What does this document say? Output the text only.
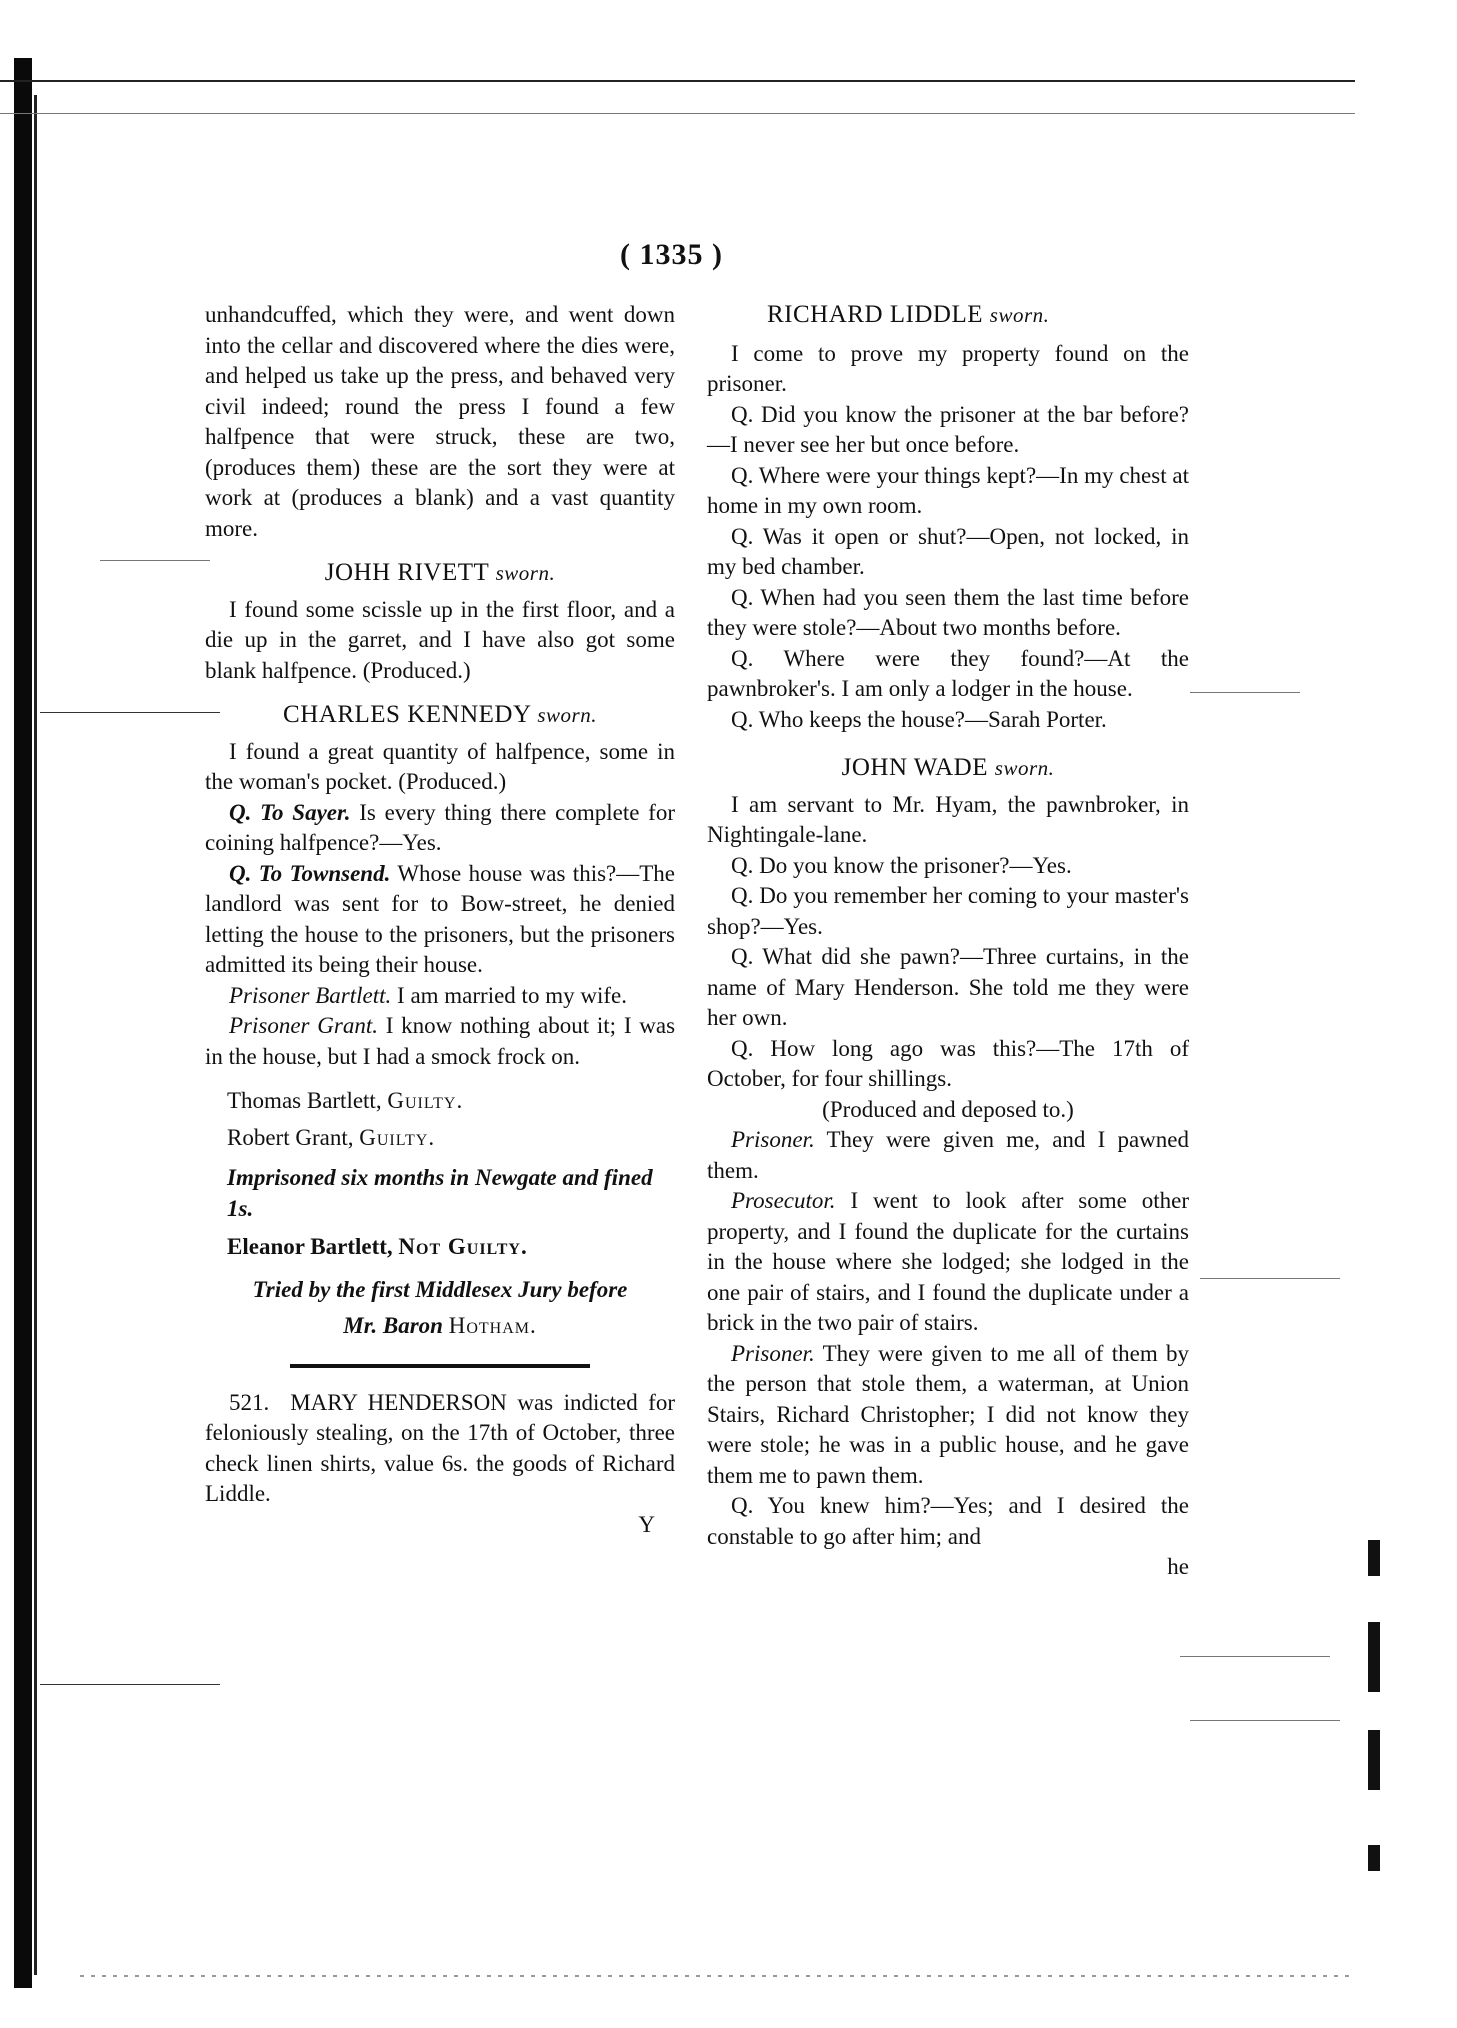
( 1335 )

unhandcuffed, which they were, and went down into the cellar and discovered where the dies were, and helped us take up the press, and behaved very civil indeed; round the press I found a few halfpence that were struck, these are two, (produces them) these are the sort they were at work at (produces a blank) and a vast quantity more.

JOHH RIVETT sworn.

I found some scissle up in the first floor, and a die up in the garret, and I have also got some blank halfpence. (Produced.)

CHARLES KENNEDY sworn.

I found a great quantity of halfpence, some in the woman's pocket. (Produced.)

Q. To Sayer. Is every thing there complete for coining halfpence?—Yes.

Q. To Townsend. Whose house was this?—The landlord was sent for to Bow-street, he denied letting the house to the prisoners, but the prisoners admitted its being their house.

Prisoner Bartlett. I am married to my wife.

Prisoner Grant. I know nothing about it; I was in the house, but I had a smock frock on.

Thomas Bartlett, Guilty.
Robert Grant, Guilty.
Imprisoned six months in Newgate and fined 1s.
Eleanor Bartlett, Not Guilty.
Tried by the first Middlesex Jury before
Mr. Baron Hotham.

521. MARY HENDERSON was indicted for feloniously stealing, on the 17th of October, three check linen shirts, value 6s. the goods of Richard Liddle.

Y
RICHARD LIDDLE sworn.

I come to prove my property found on the prisoner.

Q. Did you know the prisoner at the bar before?—I never see her but once before.

Q. Where were your things kept?—In my chest at home in my own room.

Q. Was it open or shut?—Open, not locked, in my bed chamber.

Q. When had you seen them the last time before they were stole?—About two months before.

Q. Where were they found?—At the pawnbroker's. I am only a lodger in the house.

Q. Who keeps the house?—Sarah Porter.

JOHN WADE sworn.

I am servant to Mr. Hyam, the pawnbroker, in Nightingale-lane.

Q. Do you know the prisoner?—Yes.

Q. Do you remember her coming to your master's shop?—Yes.

Q. What did she pawn?—Three curtains, in the name of Mary Henderson. She told me they were her own.

Q. How long ago was this?—The 17th of October, for four shillings.

(Produced and deposed to.)

Prisoner. They were given me, and I pawned them.

Prosecutor. I went to look after some other property, and I found the duplicate for the curtains in the house where she lodged; she lodged in the one pair of stairs, and I found the duplicate under a brick in the two pair of stairs.

Prisoner. They were given to me all of them by the person that stole them, a waterman, at Union Stairs, Richard Christopher; I did not know they were stole; he was in a public house, and he gave them me to pawn them.

Q. You knew him?—Yes; and I desired the constable to go after him; and

he
